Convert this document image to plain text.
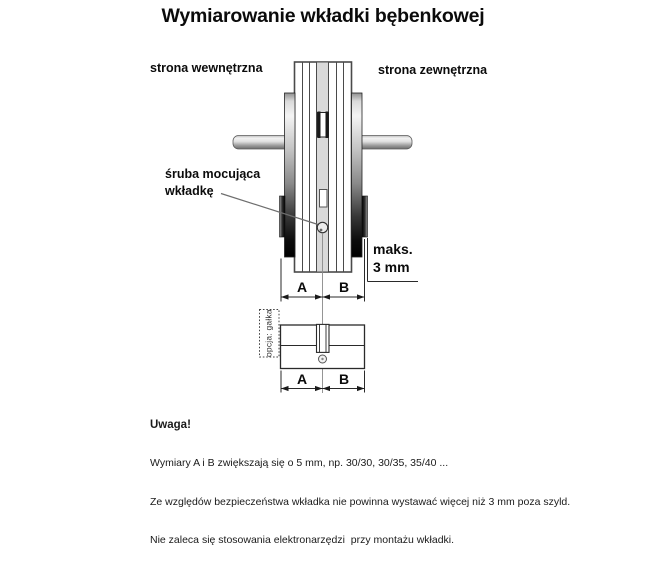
Wymiarowanie wkładki bębenkowej
strona wewnętrzna	strona zewnętrzna
śruba mocująca
wkładkę
maks.
3 mm
A	B
A	B
opcja: gałka

Uwaga!

Wymiary A i B zwiększają się o 5 mm, np. 30/30, 30/35, 35/40 ...

Ze względów bezpieczeństwa wkładka nie powinna wystawać więcej niż 3 mm poza szyld.

Nie zaleca się stosowania elektronarzędzi  przy montażu wkładki.
